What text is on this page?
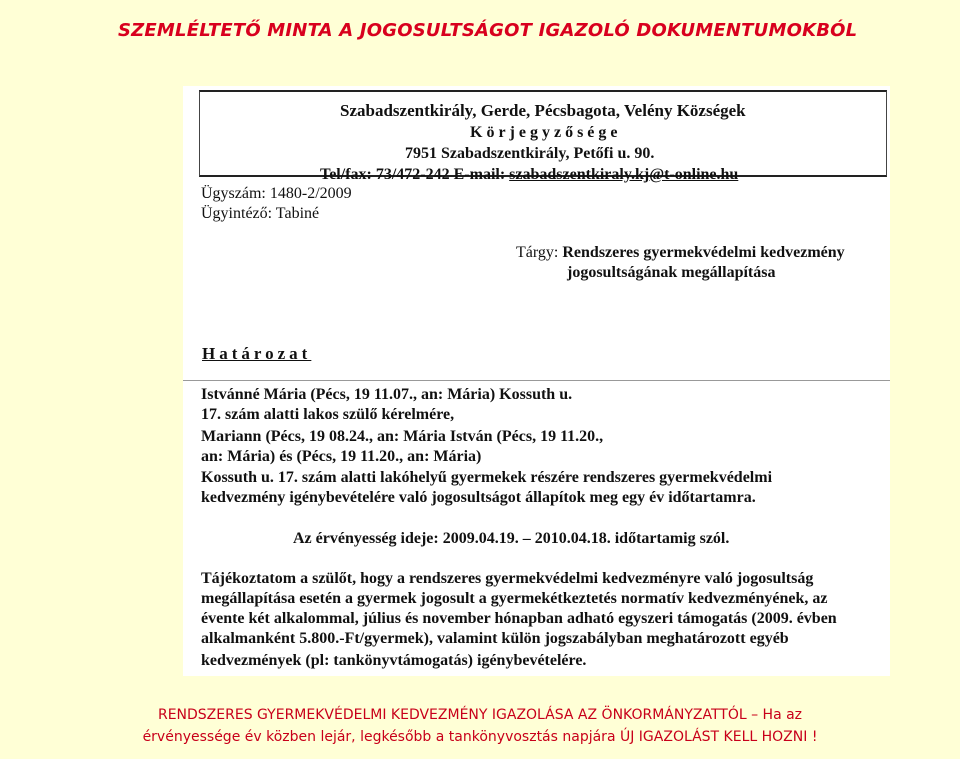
SZEMLÉLTETŐ MINTA A JOGOSULTSÁGOT IGAZOLÓ DOKUMENTUMOKBÓL
Szabadszentkirály, Gerde, Pécsbagota, Velény Községek
Körjegyzősége
7951 Szabadszentkirály, Petőfi u. 90.
Tel/fax: 73/472-242 E-mail: szabadszentkiraly.kj@t-online.hu
Ügyszám: 1480-2/2009
Ügyintéző: Tabiné
Tárgy: Rendszeres gyermekvédelmi kedvezmény
jogosultságának megállapítása
Határozat
Istvánné Mária (Pécs, 19 11.07., an: Mária) Kossuth u.
17. szám alatti lakos szülő kérelmére,
Mariann (Pécs, 19 08.24., an: Mária István (Pécs, 19 11.20.,
an: Mária) és (Pécs, 19 11.20., an: Mária)
Kossuth u. 17. szám alatti lakóhelyű gyermekek részére rendszeres gyermekvédelmi
kedvezmény igénybevételére való jogosultságot állapítok meg egy év időtartamra.
Az érvényesség ideje: 2009.04.19. – 2010.04.18. időtartamig szól.
Tájékoztatom a szülőt, hogy a rendszeres gyermekvédelmi kedvezményre való jogosultság
megállapítása esetén a gyermek jogosult a gyermekétkeztetés normatív kedvezményének, az
évente két alkalommal, július és november hónapban adható egyszeri támogatás (2009. évben
alkalmanként 5.800.-Ft/gyermek), valamint külön jogszabályban meghatározott egyéb
kedvezmények (pl: tankönyvtámogatás) igénybevételére.
RENDSZERES GYERMEKVÉDELMI KEDVEZMÉNY IGAZOLÁSA AZ ÖNKORMÁNYZATTÓL – Ha az
érvényessége év közben lejár, legkésőbb a tankönyvosztás napjára ÚJ IGAZOLÁST KELL HOZNI !
